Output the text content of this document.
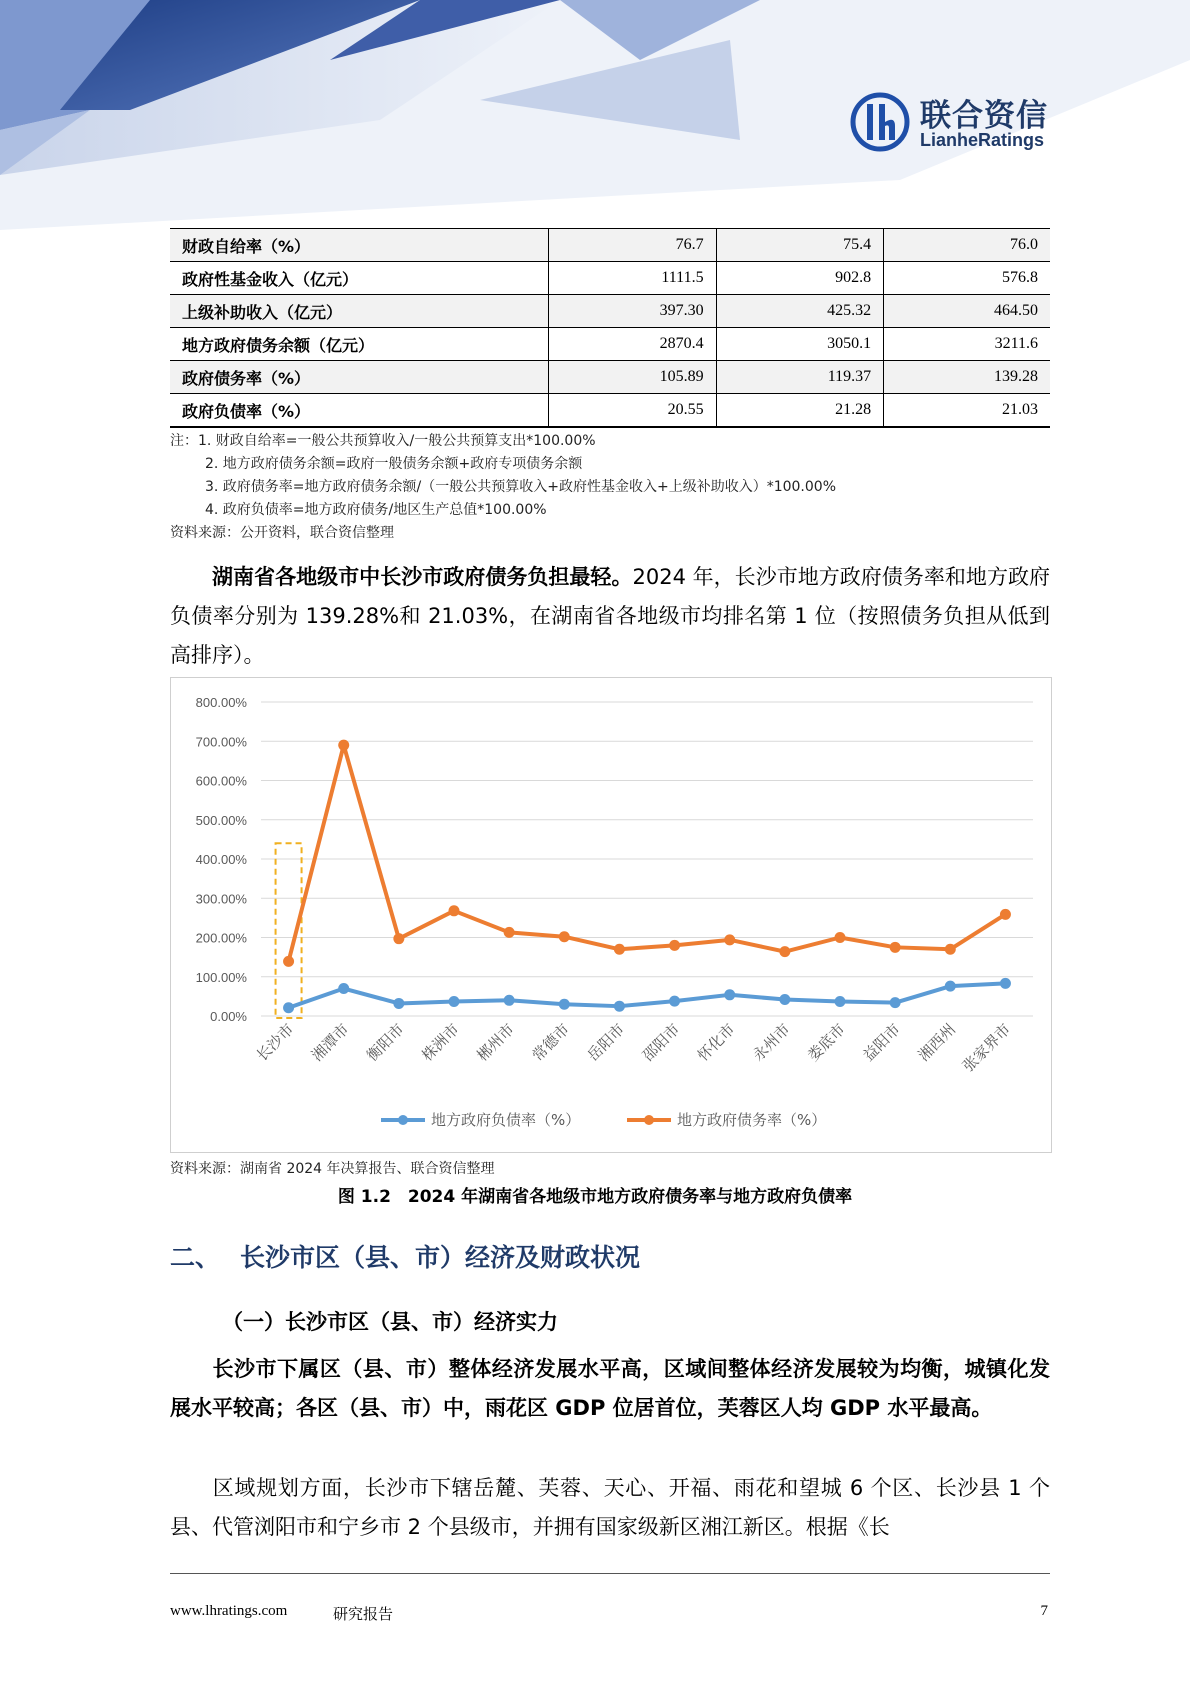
联合资信
LianheRatings
财政自给率（%）	76.7	75.4	76.0
政府性基金收入（亿元）	1111.5	902.8	576.8
上级补助收入（亿元）	397.30	425.32	464.50
地方政府债务余额（亿元）	2870.4	3050.1	3211.6
政府债务率（%）	105.89	119.37	139.28
政府负债率（%）	20.55	21.28	21.03
注：1. 财政自给率=一般公共预算收入/一般公共预算支出*100.00%
2. 地方政府债务余额=政府一般债务余额+政府专项债务余额
3. 政府债务率=地方政府债务余额/（一般公共预算收入+政府性基金收入+上级补助收入）*100.00%
4. 政府负债率=地方政府债务/地区生产总值*100.00%
资料来源：公开资料，联合资信整理
湖南省各地级市中长沙市政府债务负担最轻。2024 年，长沙市地方政府债务率和地方政府负债率分别为 139.28%和 21.03%，在湖南省各地级市均排名第 1 位（按照债务负担从低到高排序）。
0.00%
100.00%
200.00%
300.00%
400.00%
500.00%
600.00%
700.00%
800.00%
长沙市 湘潭市 衡阳市 株洲市 郴州市 常德市 岳阳市 邵阳市 怀化市 永州市 娄底市 益阳市 湘西州 张家界市
地方政府负债率（%）	地方政府债务率（%）
资料来源：湖南省 2024 年决算报告、联合资信整理
图 1.2　2024 年湖南省各地级市地方政府债务率与地方政府负债率
二、 长沙市区（县、市）经济及财政状况
（一）长沙市区（县、市）经济实力
长沙市下属区（县、市）整体经济发展水平高，区域间整体经济发展较为均衡，城镇化发展水平较高；各区（县、市）中，雨花区 GDP 位居首位，芙蓉区人均 GDP 水平最高。
区域规划方面，长沙市下辖岳麓、芙蓉、天心、开福、雨花和望城 6 个区、长沙县 1 个县、代管浏阳市和宁乡市 2 个县级市，并拥有国家级新区湘江新区。根据《长
www.lhratings.com	研究报告	7
